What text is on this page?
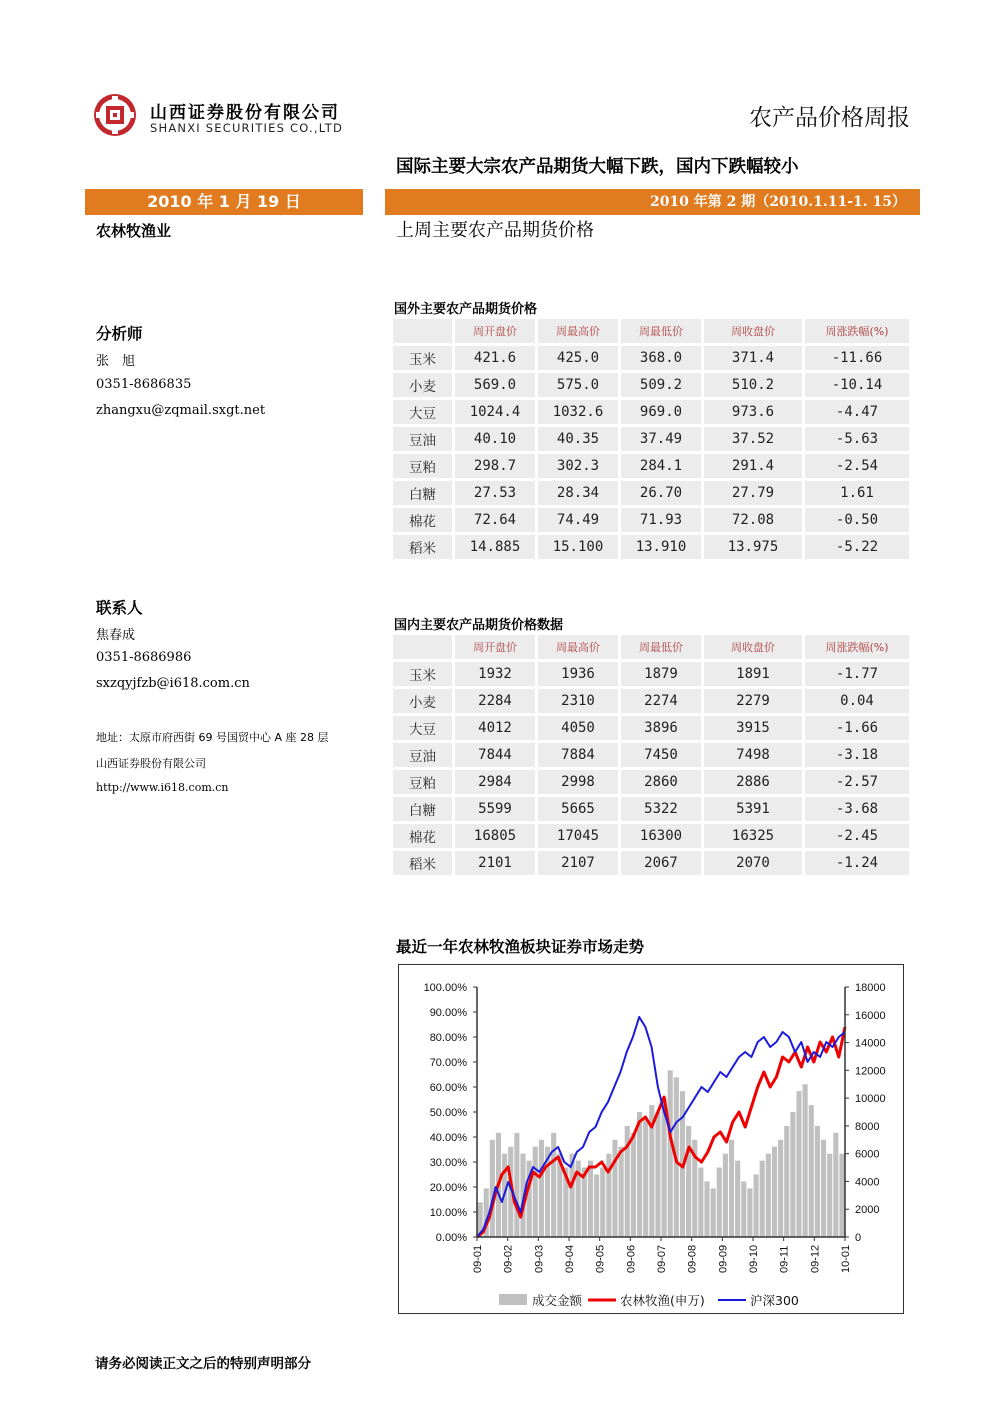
山西证券股份有限公司
SHANXI SECURITIES CO.,LTD	农产品价格周报
国际主要大宗农产品期货大幅下跌，国内下跌幅较小
2010 年 1 月 19 日	2010 年第 2 期（2010.1.11-1. 15）
农林牧渔业	上周主要农产品期货价格
分析师
张　旭
0351-8686835
zhangxu@zqmail.sxgt.net
联系人
焦春成
0351-8686986
sxzqyjfzb@i618.com.cn
地址：太原市府西街 69 号国贸中心 A 座 28 层
山西证券股份有限公司
http://www.i618.com.cn
国外主要农产品期货价格
	周开盘价	周最高价	周最低价	周收盘价	周涨跌幅(%)
玉米	421.6	425.0	368.0	371.4	-11.66
小麦	569.0	575.0	509.2	510.2	-10.14
大豆	1024.4	1032.6	969.0	973.6	-4.47
豆油	40.10	40.35	37.49	37.52	-5.63
豆粕	298.7	302.3	284.1	291.4	-2.54
白糖	27.53	28.34	26.70	27.79	1.61
棉花	72.64	74.49	71.93	72.08	-0.50
稻米	14.885	15.100	13.910	13.975	-5.22
国内主要农产品期货价格数据
	周开盘价	周最高价	周最低价	周收盘价	周涨跌幅(%)
玉米	1932	1936	1879	1891	-1.77
小麦	2284	2310	2274	2279	0.04
大豆	4012	4050	3896	3915	-1.66
豆油	7844	7884	7450	7498	-3.18
豆粕	2984	2998	2860	2886	-2.57
白糖	5599	5665	5322	5391	-3.68
棉花	16805	17045	16300	16325	-2.45
稻米	2101	2107	2067	2070	-1.24
最近一年农林牧渔板块证券市场走势
0.00%
10.00%
20.00%
30.00%
40.00%
50.00%
60.00%
70.00%
80.00%
90.00%
100.00%
0
2000
4000
6000
8000
10000
12000
14000
16000
18000
09-01 09-02 09-03 09-04 09-05 09-06 09-07 09-08 09-09 09-10 09-11 09-12 10-01
成交金额	农林牧渔(申万)	沪深300
请务必阅读正文之后的特别声明部分
